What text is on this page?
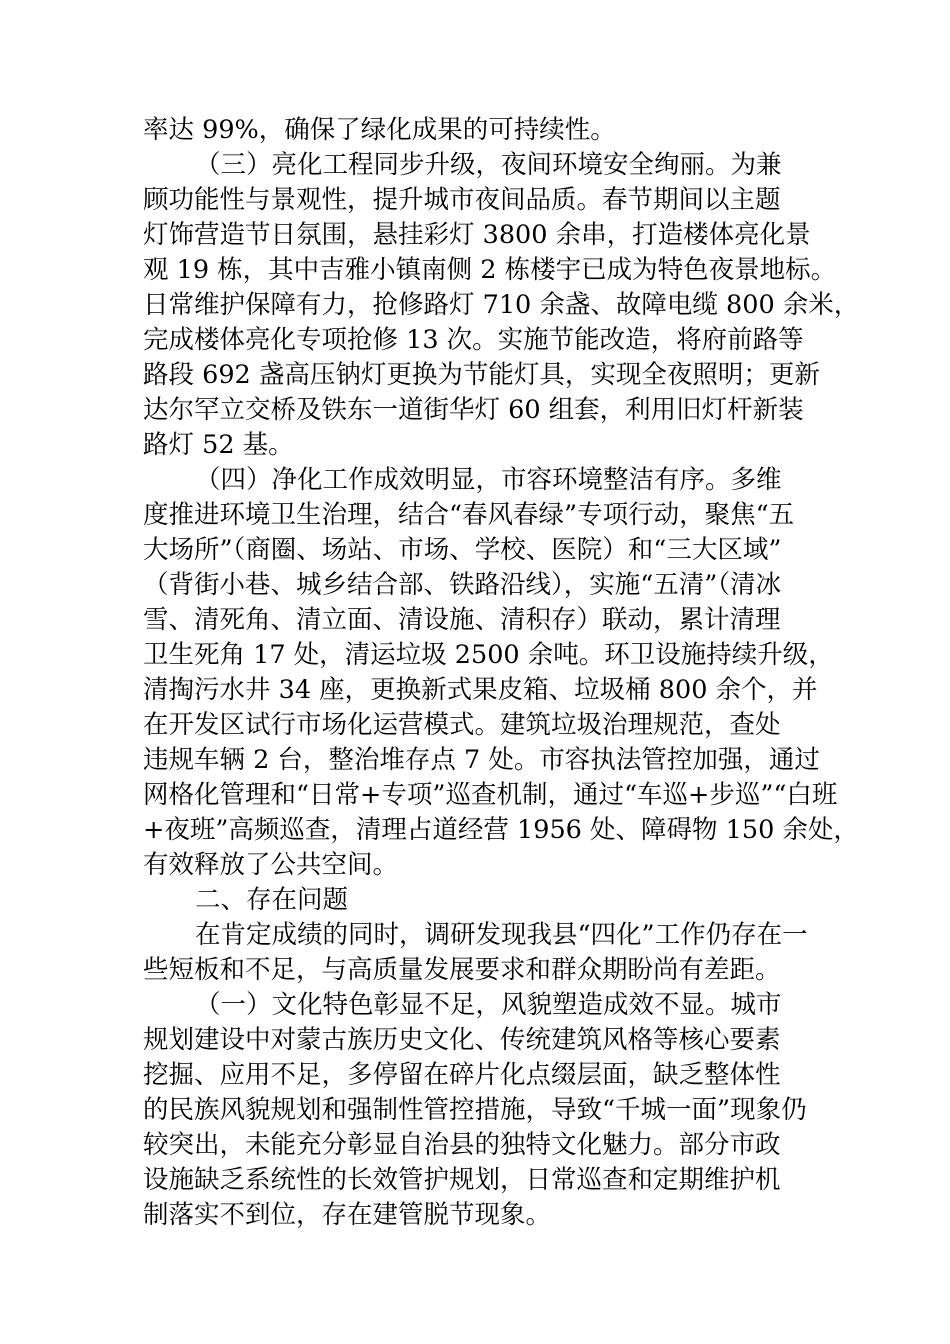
率达 99%，确保了绿化成果的可持续性。
（三）亮化工程同步升级，夜间环境安全绚丽。为兼
顾功能性与景观性，提升城市夜间品质。春节期间以主题
灯饰营造节日氛围，悬挂彩灯 3800 余串，打造楼体亮化景
观 19 栋，其中吉雅小镇南侧 2 栋楼宇已成为特色夜景地标。
日常维护保障有力，抢修路灯 710 余盏、故障电缆 800 余米，
完成楼体亮化专项抢修 13 次。实施节能改造，将府前路等
路段 692 盏高压钠灯更换为节能灯具，实现全夜照明；更新
达尔罕立交桥及铁东一道街华灯 60 组套，利用旧灯杆新装
路灯 52 基。
（四）净化工作成效明显，市容环境整洁有序。多维
度推进环境卫生治理，结合“春风春绿”专项行动，聚焦“五
大场所”（商圈、场站、市场、学校、医院）和“三大区域”
（背街小巷、城乡结合部、铁路沿线），实施“五清”（清冰
雪、清死角、清立面、清设施、清积存）联动，累计清理
卫生死角 17 处，清运垃圾 2500 余吨。环卫设施持续升级，
清掏污水井 34 座，更换新式果皮箱、垃圾桶 800 余个，并
在开发区试行市场化运营模式。建筑垃圾治理规范，查处
违规车辆 2 台，整治堆存点 7 处。市容执法管控加强，通过
网格化管理和“日常+专项”巡查机制，通过“车巡+步巡”“白班
+夜班”高频巡查，清理占道经营 1956 处、障碍物 150 余处，
有效释放了公共空间。
二、存在问题
在肯定成绩的同时，调研发现我县“四化”工作仍存在一
些短板和不足，与高质量发展要求和群众期盼尚有差距。
（一）文化特色彰显不足，风貌塑造成效不显。城市
规划建设中对蒙古族历史文化、传统建筑风格等核心要素
挖掘、应用不足，多停留在碎片化点缀层面，缺乏整体性
的民族风貌规划和强制性管控措施，导致“千城一面”现象仍
较突出，未能充分彰显自治县的独特文化魅力。部分市政
设施缺乏系统性的长效管护规划，日常巡查和定期维护机
制落实不到位，存在建管脱节现象。
